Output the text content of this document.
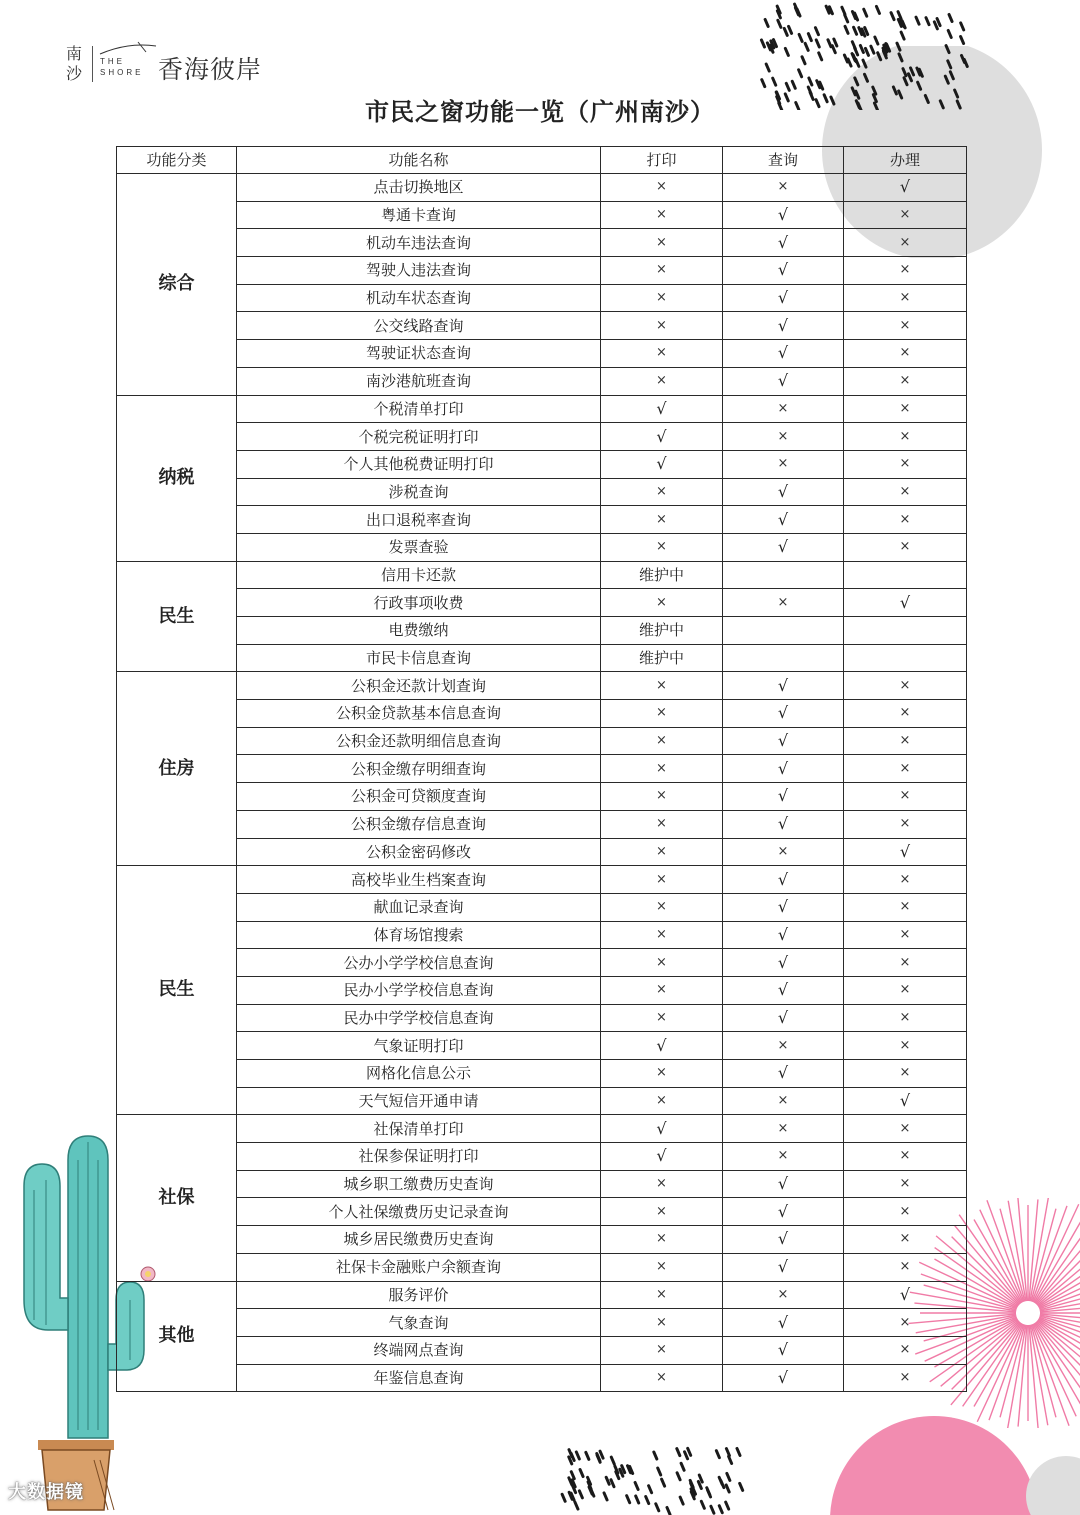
南沙
THE SHORE 香海彼岸
市民之窗功能一览（广州南沙）
功能分类	功能名称	打印	查询	办理
综合	点击切换地区	×	×	√
	粤通卡查询	×	√	×
	机动车违法查询	×	√	×
	驾驶人违法查询	×	√	×
	机动车状态查询	×	√	×
	公交线路查询	×	√	×
	驾驶证状态查询	×	√	×
	南沙港航班查询	×	√	×
纳税	个税清单打印	√	×	×
	个税完税证明打印	√	×	×
	个人其他税费证明打印	√	×	×
	涉税查询	×	√	×
	出口退税率查询	×	√	×
	发票查验	×	√	×
民生	信用卡还款	维护中		
	行政事项收费	×	×	√
	电费缴纳	维护中		
	市民卡信息查询	维护中		
住房	公积金还款计划查询	×	√	×
	公积金贷款基本信息查询	×	√	×
	公积金还款明细信息查询	×	√	×
	公积金缴存明细查询	×	√	×
	公积金可贷额度查询	×	√	×
	公积金缴存信息查询	×	√	×
	公积金密码修改	×	×	√
民生	高校毕业生档案查询	×	√	×
	献血记录查询	×	√	×
	体育场馆搜索	×	√	×
	公办小学学校信息查询	×	√	×
	民办小学学校信息查询	×	√	×
	民办中学学校信息查询	×	√	×
	气象证明打印	√	×	×
	网格化信息公示	×	√	×
	天气短信开通申请	×	×	√
社保	社保清单打印	√	×	×
	社保参保证明打印	√	×	×
	城乡职工缴费历史查询	×	√	×
	个人社保缴费历史记录查询	×	√	×
	城乡居民缴费历史查询	×	√	×
	社保卡金融账户余额查询	×	√	×
其他	服务评价	×	×	√
	气象查询	×	√	×
	终端网点查询	×	√	×
	年鉴信息查询	×	√	×
大数据镜
